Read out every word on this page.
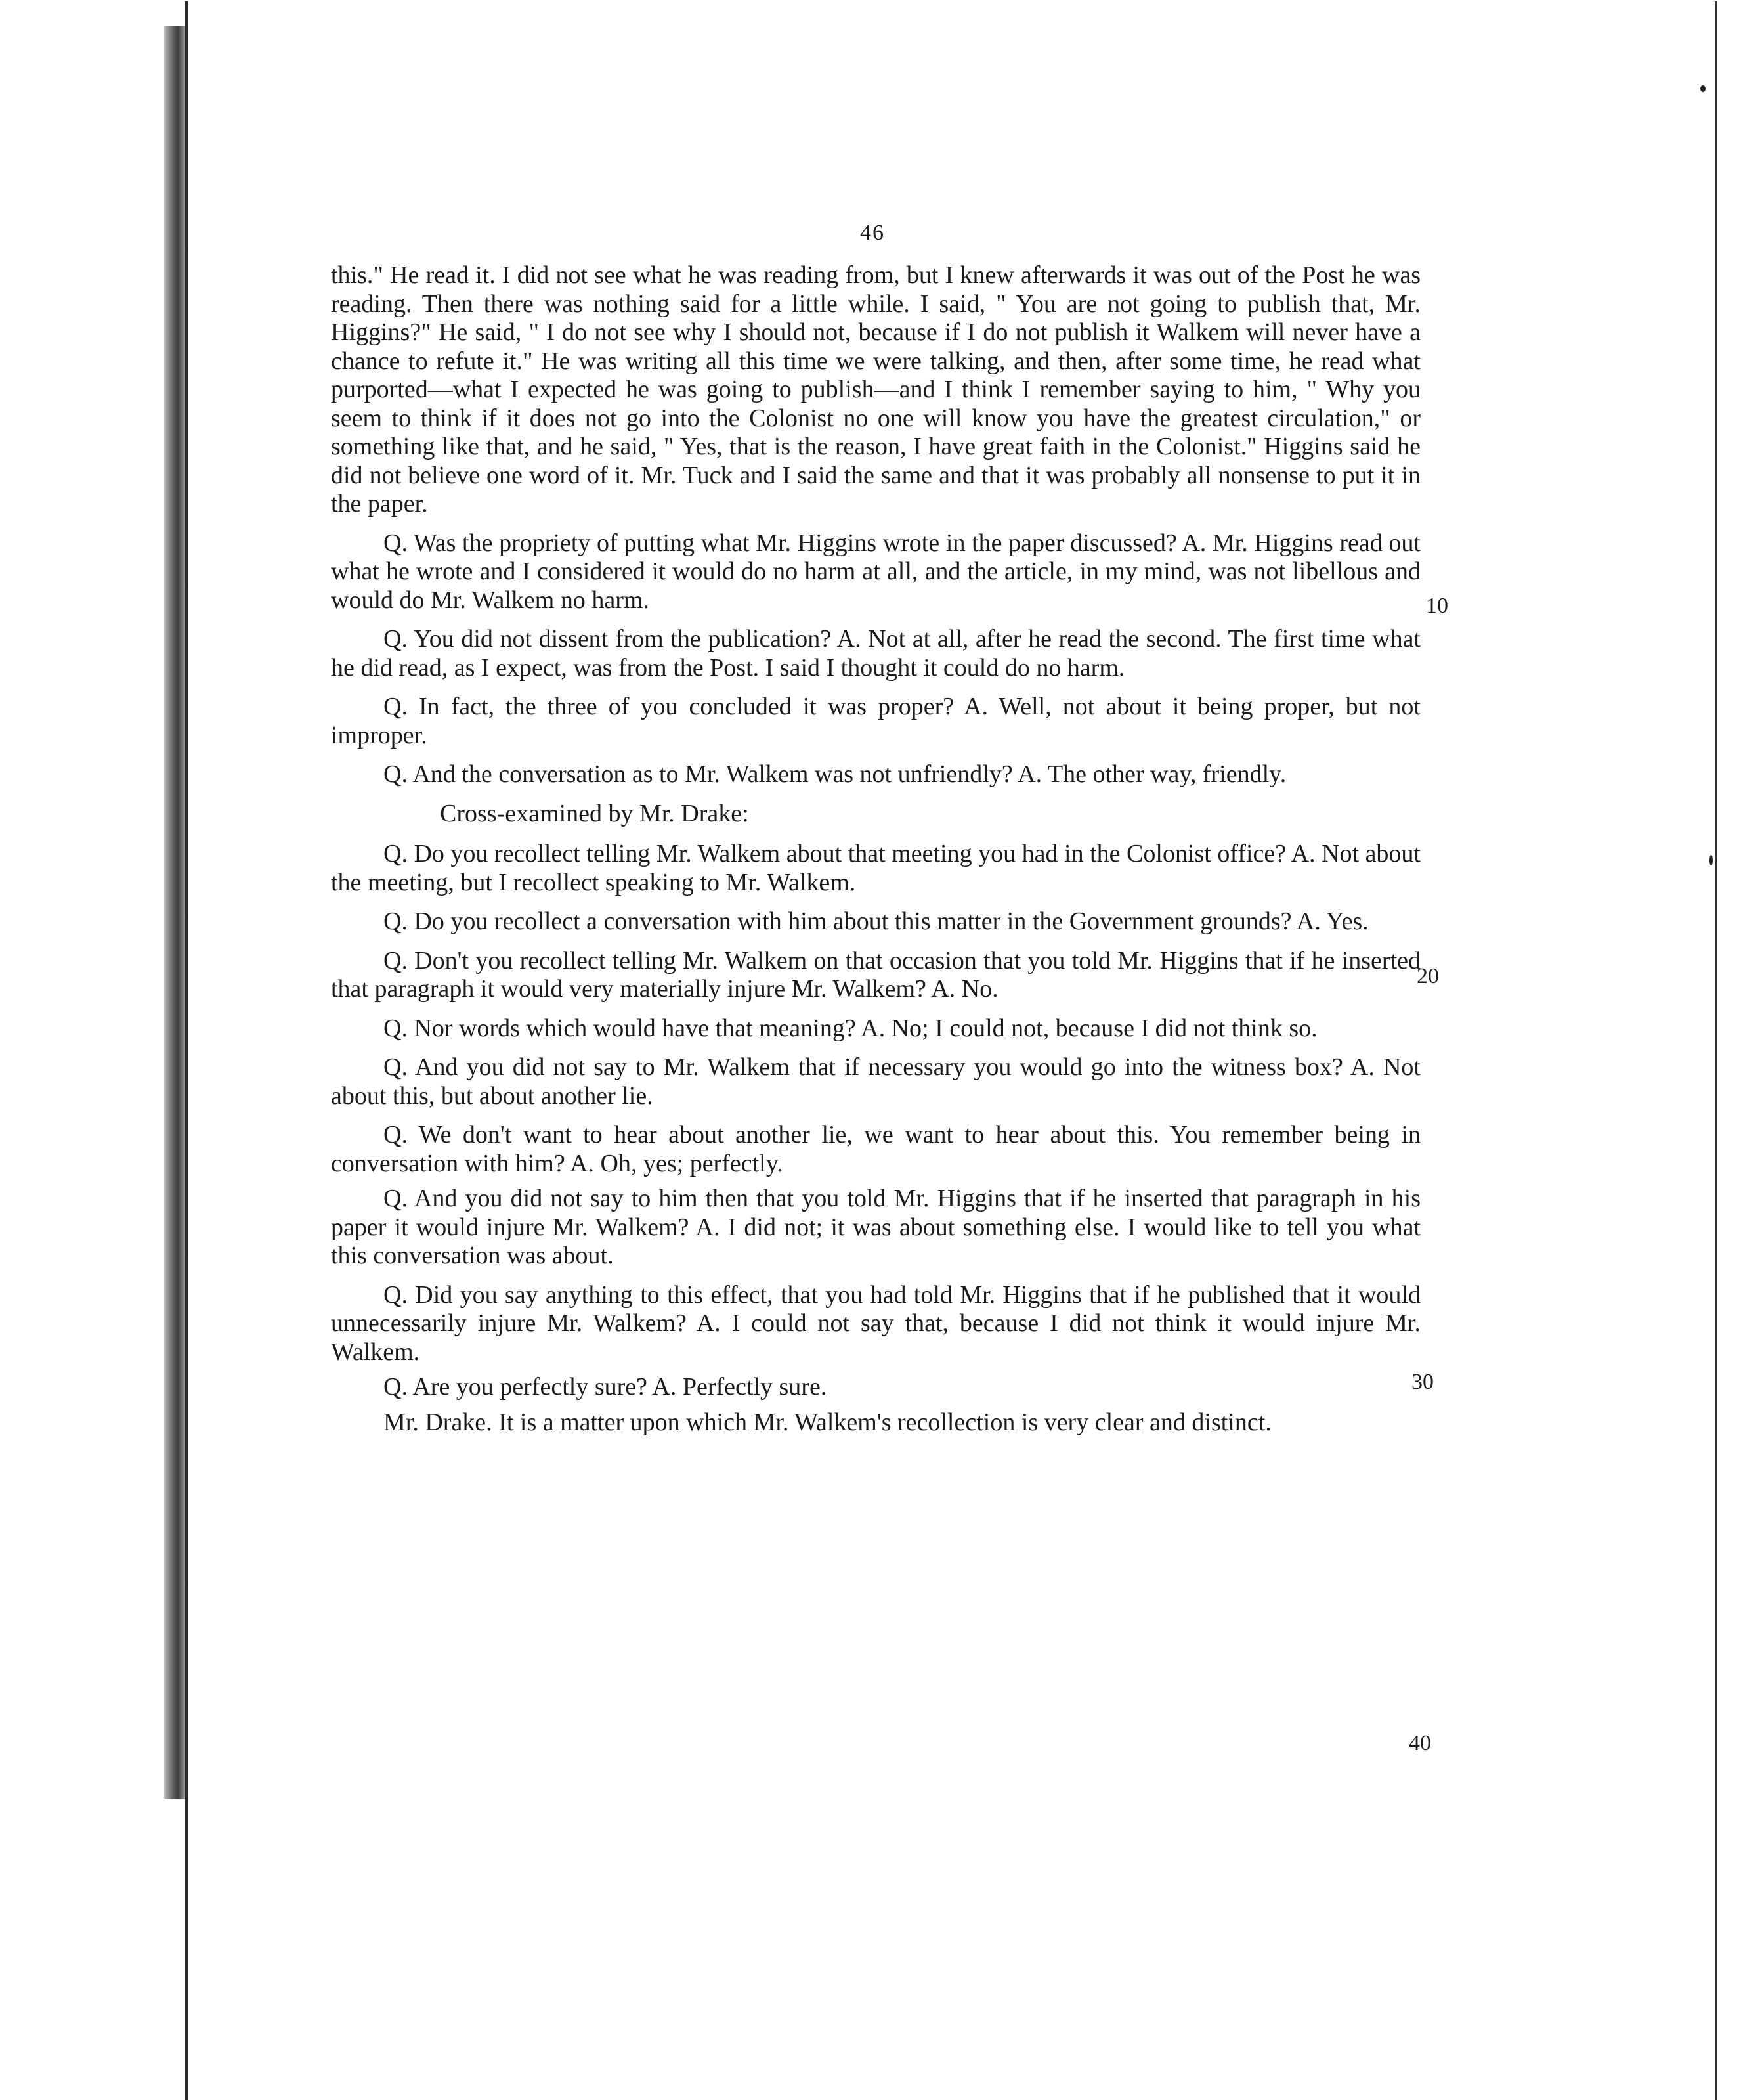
46

this." He read it. I did not see what he was reading from, but I knew afterwards it was out of the Post he was reading. Then there was nothing said for a little while. I said, " You are not going to publish that, Mr. Higgins?" He said, " I do not see why I should not, because if I do not publish it Walkem will never have a chance to refute it." He was writing all this time we were talking, and then, after some time, he read what purported—what I expected he was going to publish—and I think I remember saying to him, " Why you seem to think if it does not go into the Colonist no one will know you have the greatest circulation," or something like that, and he said, " Yes, that is the reason, I have great faith in the Colonist." Higgins said he did not believe one word of it. Mr. Tuck and I said the same and that it was probably all nonsense to put it in the paper.

Q. Was the propriety of putting what Mr. Higgins wrote in the paper discussed? A. Mr. Higgins read out what he wrote and I considered it would do no harm at all, and the article, in my mind, was not libellous and would do Mr. Walkem no harm.

Q. You did not dissent from the publication? A. Not at all, after he read the second. The first time what he did read, as I expect, was from the Post. I said I thought it could do no harm.

Q. In fact, the three of you concluded it was proper? A. Well, not about it being proper, but not improper.

Q. And the conversation as to Mr. Walkem was not unfriendly? A. The other way, friendly.

Cross-examined by Mr. Drake:

Q. Do you recollect telling Mr. Walkem about that meeting you had in the Colonist office? A. Not about the meeting, but I recollect speaking to Mr. Walkem.

Q. Do you recollect a conversation with him about this matter in the Government grounds? A. Yes.

Q. Don't you recollect telling Mr. Walkem on that occasion that you told Mr. Higgins that if he inserted that paragraph it would very materially injure Mr. Walkem? A. No.

Q. Nor words which would have that meaning? A. No; I could not, because I did not think so.

Q. And you did not say to Mr. Walkem that if necessary you would go into the witness box? A. Not about this, but about another lie.

Q. We don't want to hear about another lie, we want to hear about this. You remember being in conversation with him? A. Oh, yes; perfectly.

Q. And you did not say to him then that you told Mr. Higgins that if he inserted that paragraph in his paper it would injure Mr. Walkem? A. I did not; it was about something else. I would like to tell you what this conversation was about.

Q. Did you say anything to this effect, that you had told Mr. Higgins that if he published that it would unnecessarily injure Mr. Walkem? A. I could not say that, because I did not think it would injure Mr. Walkem.

Q. Are you perfectly sure? A. Perfectly sure.

Mr. Drake. It is a matter upon which Mr. Walkem's recollection is very clear and distinct.

10
20
30
40
